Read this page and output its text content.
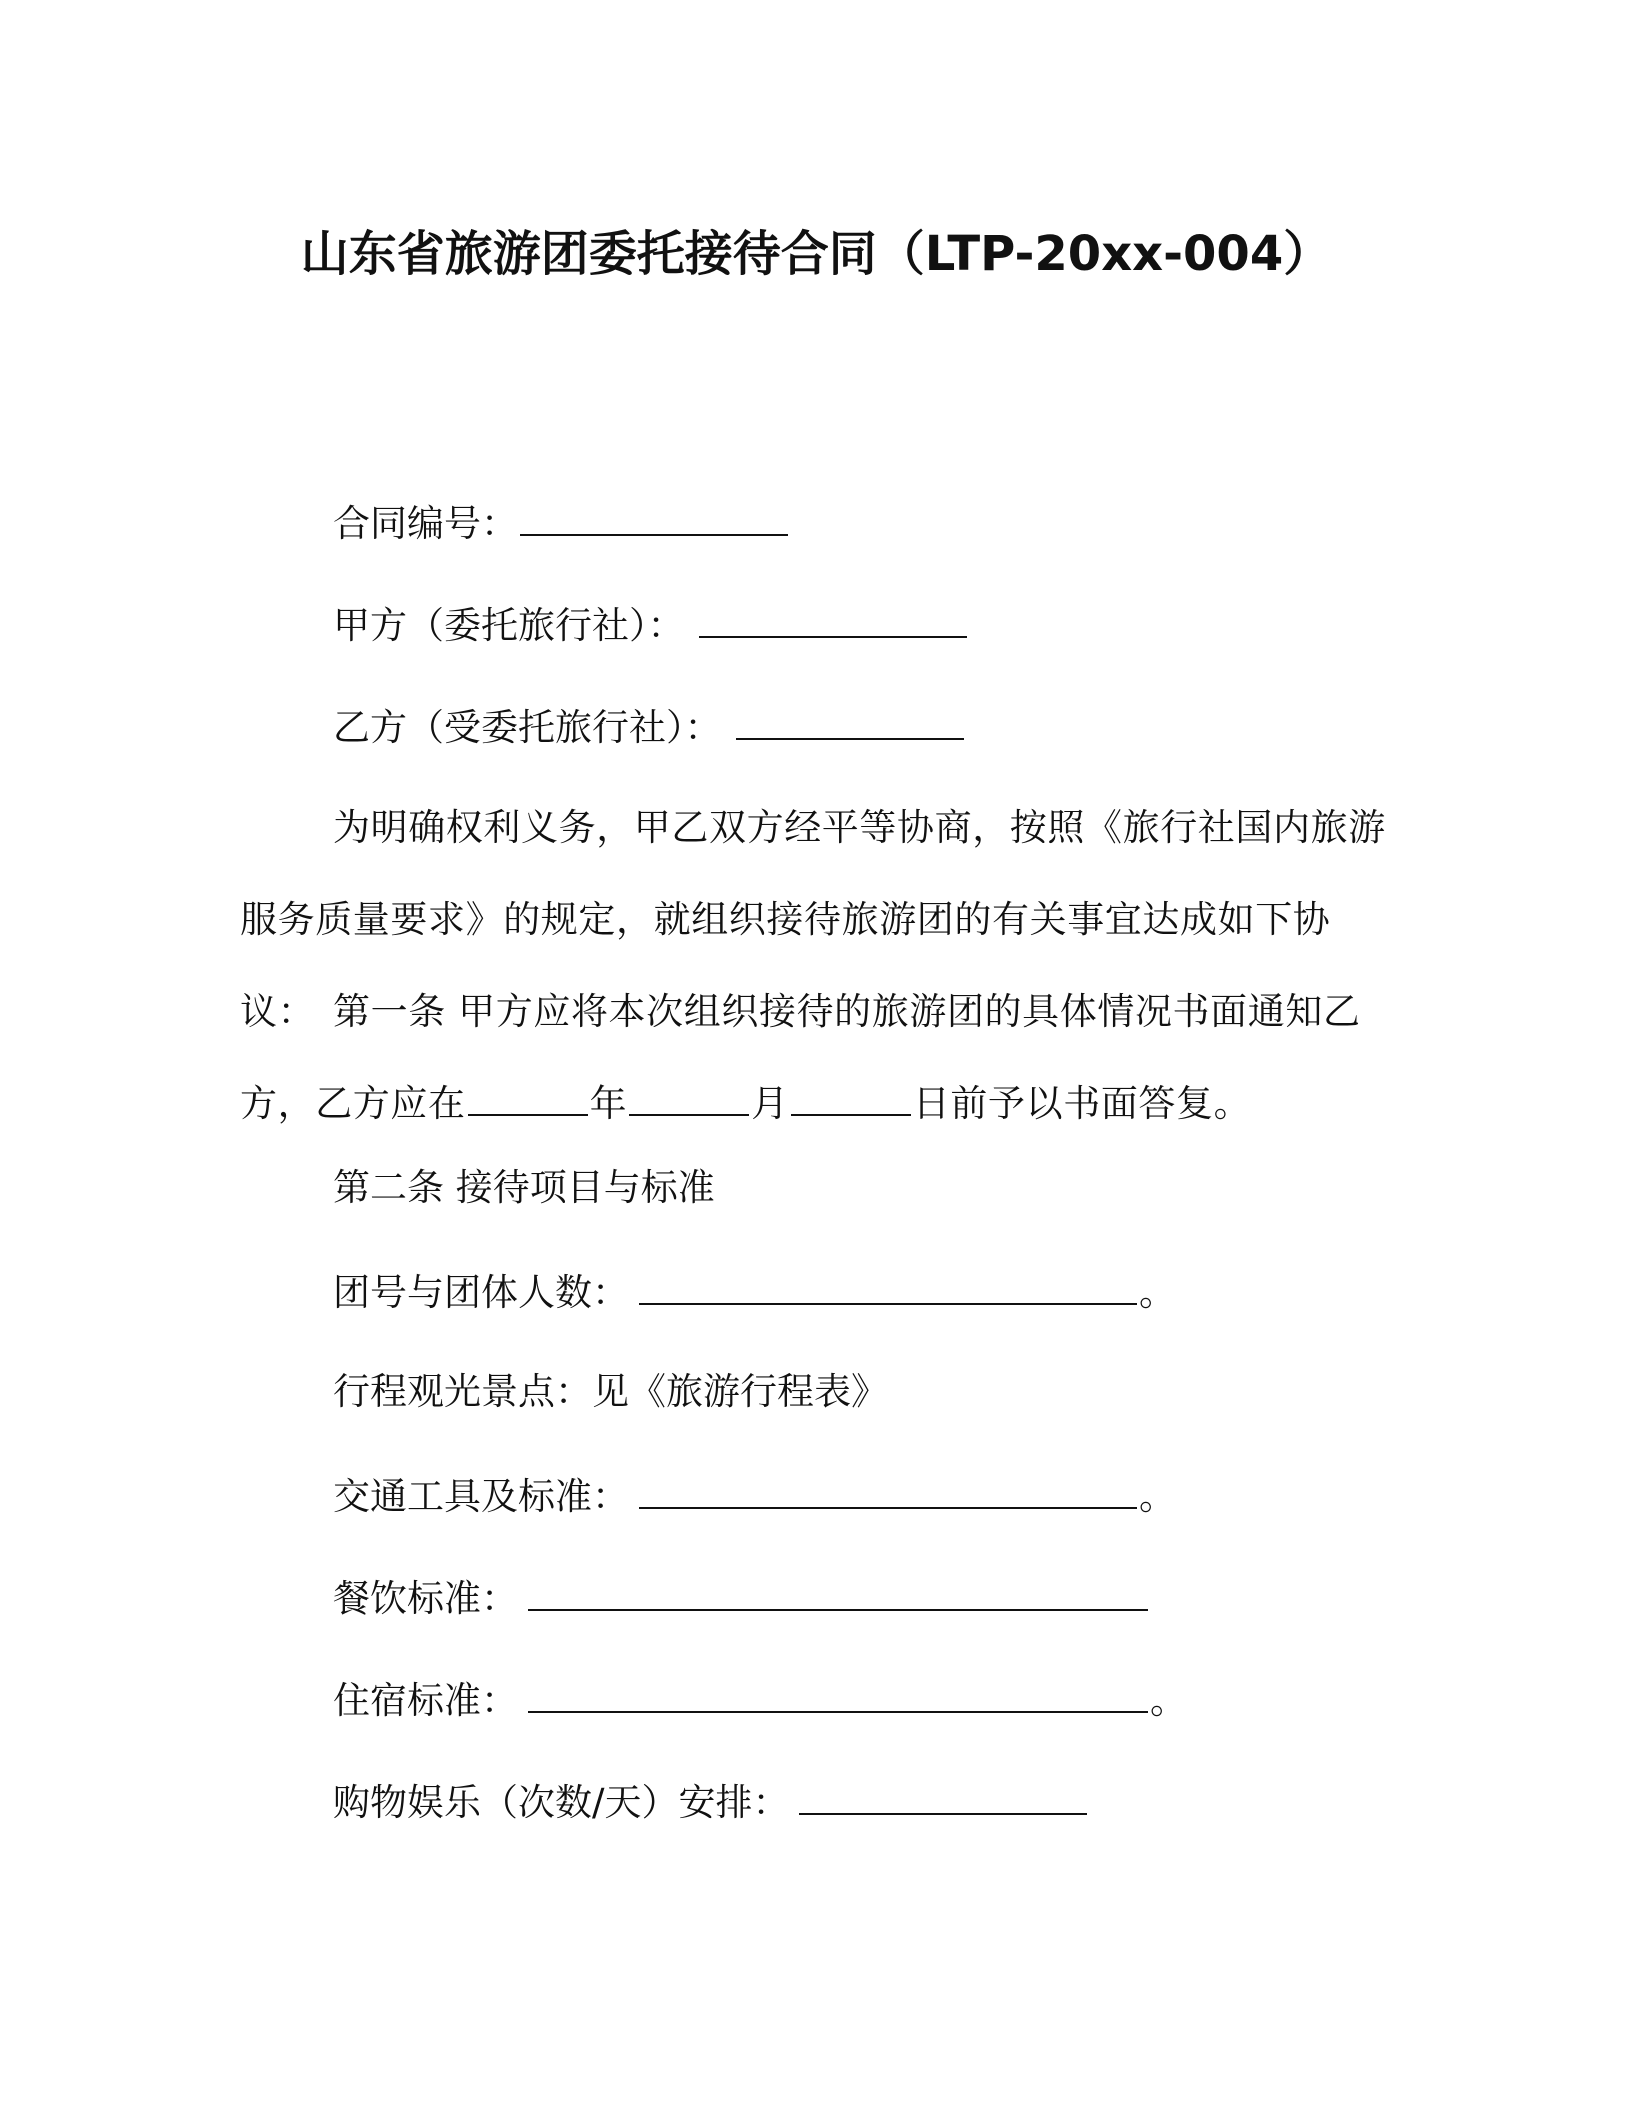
山东省旅游团委托接待合同（LTP-20xx-004）

合同编号：

甲方（委托旅行社）：

乙方（受委托旅行社）：

为明确权利义务，甲乙双方经平等协商，按照《旅行社国内旅游服务质量要求》的规定，就组织接待旅游团的有关事宜达成如下协议： 第一条 甲方应将本次组织接待的旅游团的具体情况书面通知乙方，乙方应在	年	月	日前予以书面答复。

第二条 接待项目与标准

团号与团体人数：	。

行程观光景点：见《旅游行程表》

交通工具及标准：	。

餐饮标准：

住宿标准：	。

购物娱乐（次数/天）安排：
